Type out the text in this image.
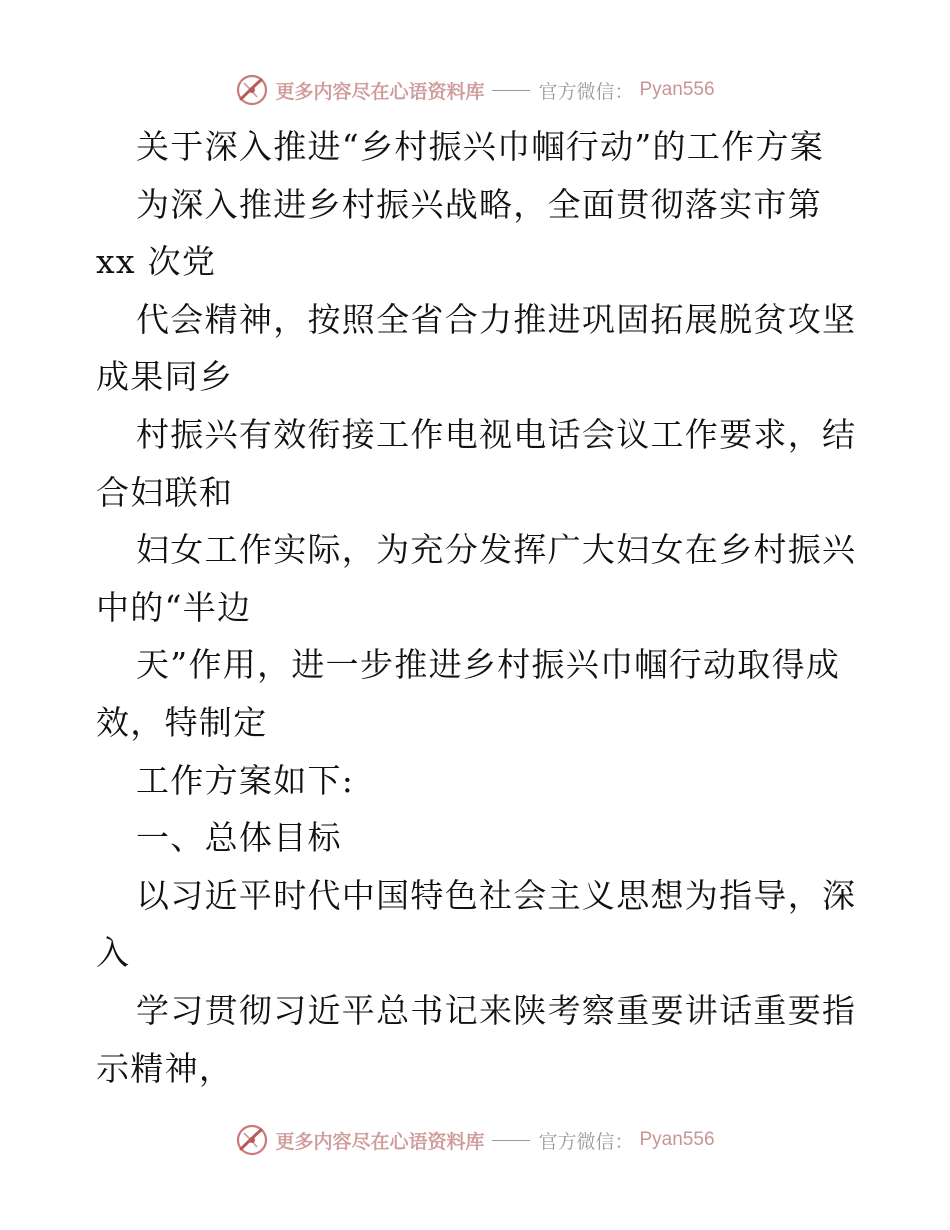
更多内容尽在心语资料库	官方微信： Pyan556
关于深入推进“乡村振兴巾帼行动”的工作方案
为深入推进乡村振兴战略，全面贯彻落实市第
xx 次党
代会精神，按照全省合力推进巩固拓展脱贫攻坚
成果同乡
村振兴有效衔接工作电视电话会议工作要求，结
合妇联和
妇女工作实际，为充分发挥广大妇女在乡村振兴
中的“半边
天”作用，进一步推进乡村振兴巾帼行动取得成
效，特制定
工作方案如下:
一、总体目标
以习近平时代中国特色社会主义思想为指导，深
入
学习贯彻习近平总书记来陕考察重要讲话重要指
示精神，
更多内容尽在心语资料库	官方微信： Pyan556
